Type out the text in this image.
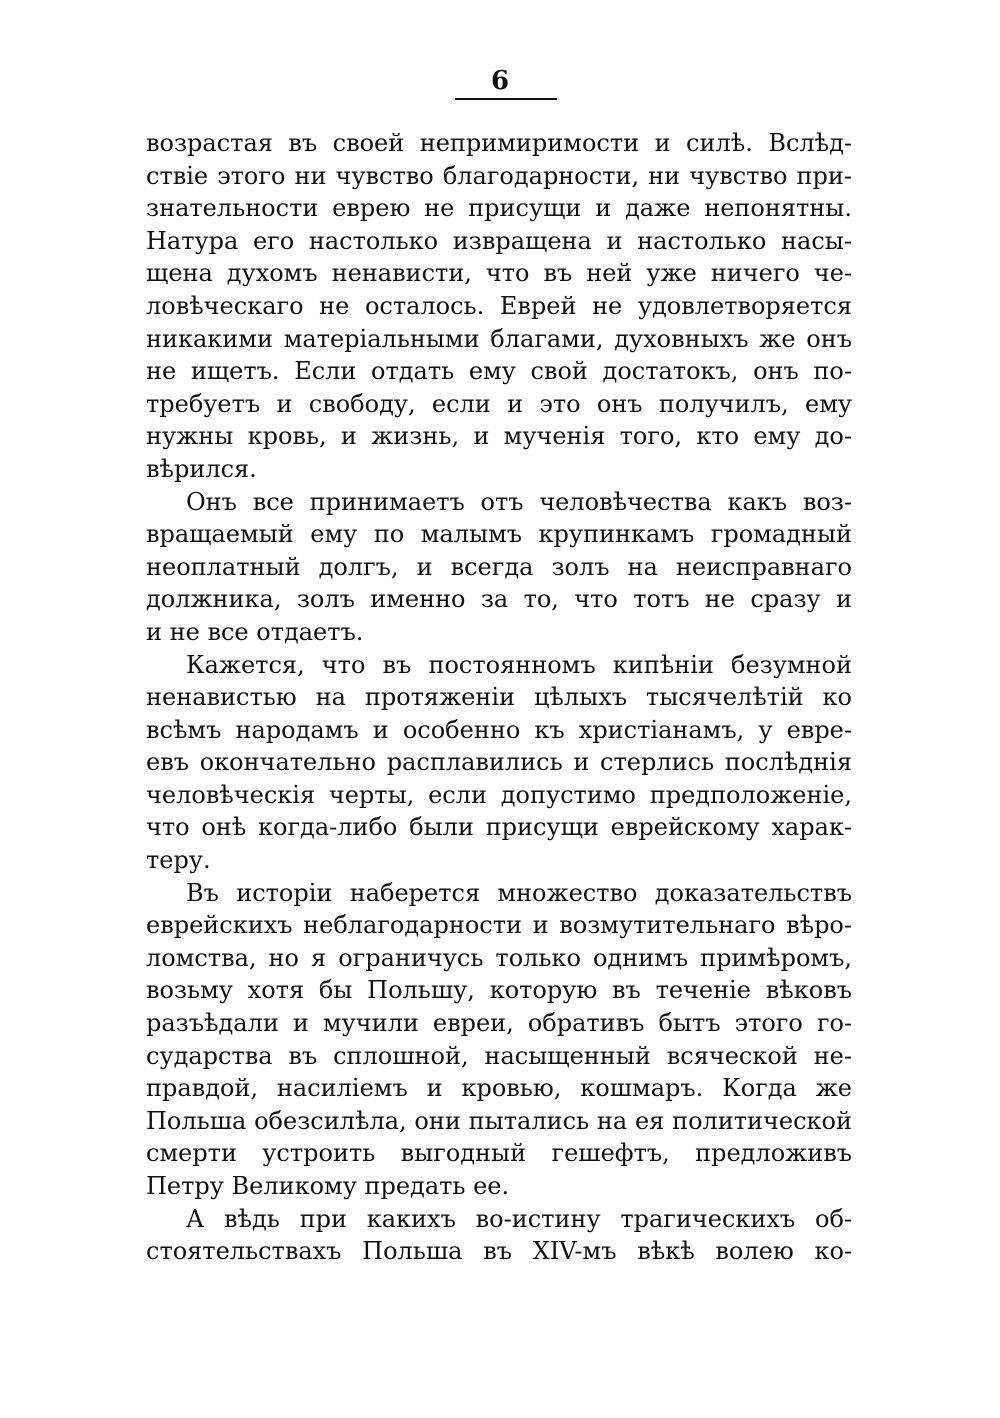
6
возрастая въ своей непримиримости и силѣ. Вслѣд-
ствіе этого ни чувство благодарности, ни чувство при-
знательности еврею не присущи и даже непонятны.
Натура его настолько извращена и настолько насы-
щена духомъ ненависти, что въ ней уже ничего че-
ловѣческаго не осталось. Еврей не удовлетворяется
никакими матеріальными благами, духовныхъ же онъ
не ищетъ. Если отдать ему свой достатокъ, онъ по-
требуетъ и свободу, если и это онъ получилъ, ему
нужны кровь, и жизнь, и мученія того, кто ему до-
вѣрился.
Онъ все принимаетъ отъ человѣчества какъ воз-
вращаемый ему по малымъ крупинкамъ громадный
неоплатный долгъ, и всегда золъ на неисправнаго
должника, золъ именно за то, что тотъ не сразу и
и не все отдаетъ.
Кажется, что въ постоянномъ кипѣніи безумной
ненавистью на протяженіи цѣлыхъ тысячелѣтій ко
всѣмъ народамъ и особенно къ христіанамъ, у евре-
евъ окончательно расплавились и стерлись послѣднія
человѣческія черты, если допустимо предположеніе,
что онѣ когда-либо были присущи еврейскому харак-
теру.
Въ исторіи наберется множество доказательствъ
еврейскихъ неблагодарности и возмутительнаго вѣро-
ломства, но я ограничусь только однимъ примѣромъ,
возьму хотя бы Польшу, которую въ теченіе вѣковъ
разъѣдали и мучили евреи, обративъ бытъ этого го-
сударства въ сплошной, насыщенный всяческой не-
правдой, насиліемъ и кровью, кошмаръ. Когда же
Польша обезсилѣла, они пытались на ея политической
смерти устроить выгодный гешефтъ, предложивъ
Петру Великому предать ее.
А вѣдь при какихъ во-истину трагическихъ об-
стоятельствахъ Польша въ XIV-мъ вѣкѣ волею ко-
